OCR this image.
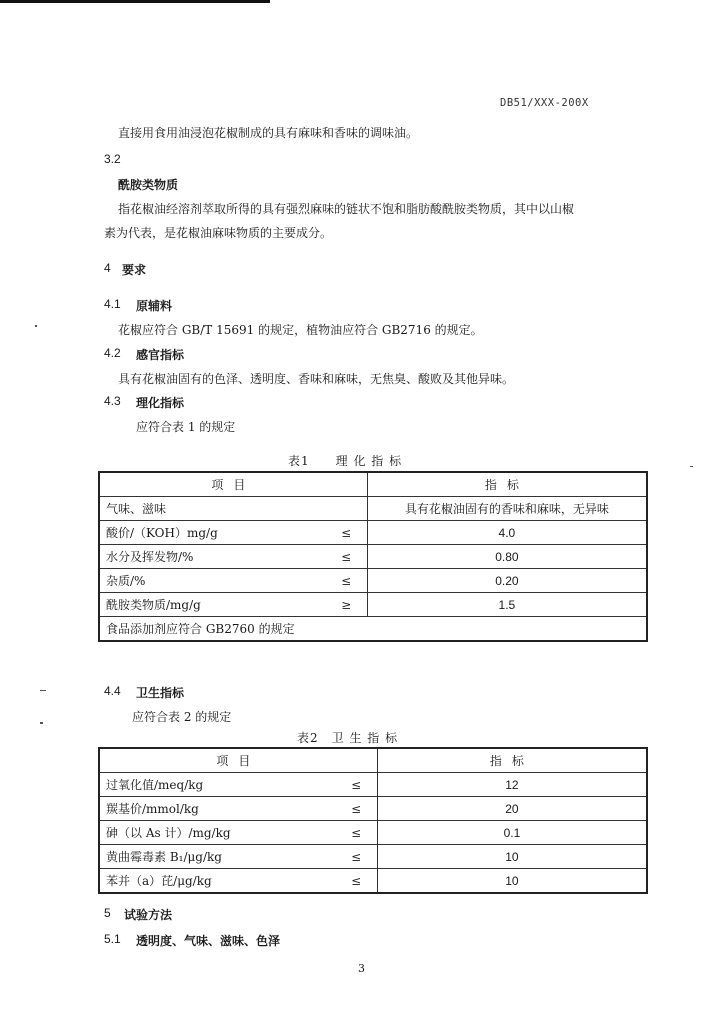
DB51/XXX-200X
直接用食用油浸泡花椒制成的具有麻味和香味的调味油。
3.2
酰胺类物质
指花椒油经溶剂萃取所得的具有强烈麻味的链状不饱和脂肪酸酰胺类物质，其中以山椒
素为代表，是花椒油麻味物质的主要成分。
4 要求
4.1 原辅料
花椒应符合 GB/T 15691 的规定，植物油应符合 GB2716 的规定。
4.2 感官指标
具有花椒油固有的色泽、透明度、香味和麻味，无焦臭、酸败及其他异味。
4.3 理化指标
应符合表 1 的规定
表1　　理 化 指 标
项目		指标
气味、滋味		具有花椒油固有的香味和麻味，无异味
酸价/（KOH）mg/g	≤	4.0
水分及挥发物/%	≤	0.80
杂质/%	≤	0.20
酰胺类物质/mg/g	≥	1.5
食品添加剂应符合 GB2760 的规定		
4.4 卫生指标
应符合表 2 的规定
表2　卫 生 指 标
项目		指标
过氧化值/meq/kg	≤	12
羰基价/mmol/kg	≤	20
砷（以 As 计）/mg/kg	≤	0.1
黄曲霉毒素 B₁/μg/kg	≤	10
苯并（a）芘/μg/kg	≤	10
5 试验方法
5.1 透明度、气味、滋味、色泽
3
